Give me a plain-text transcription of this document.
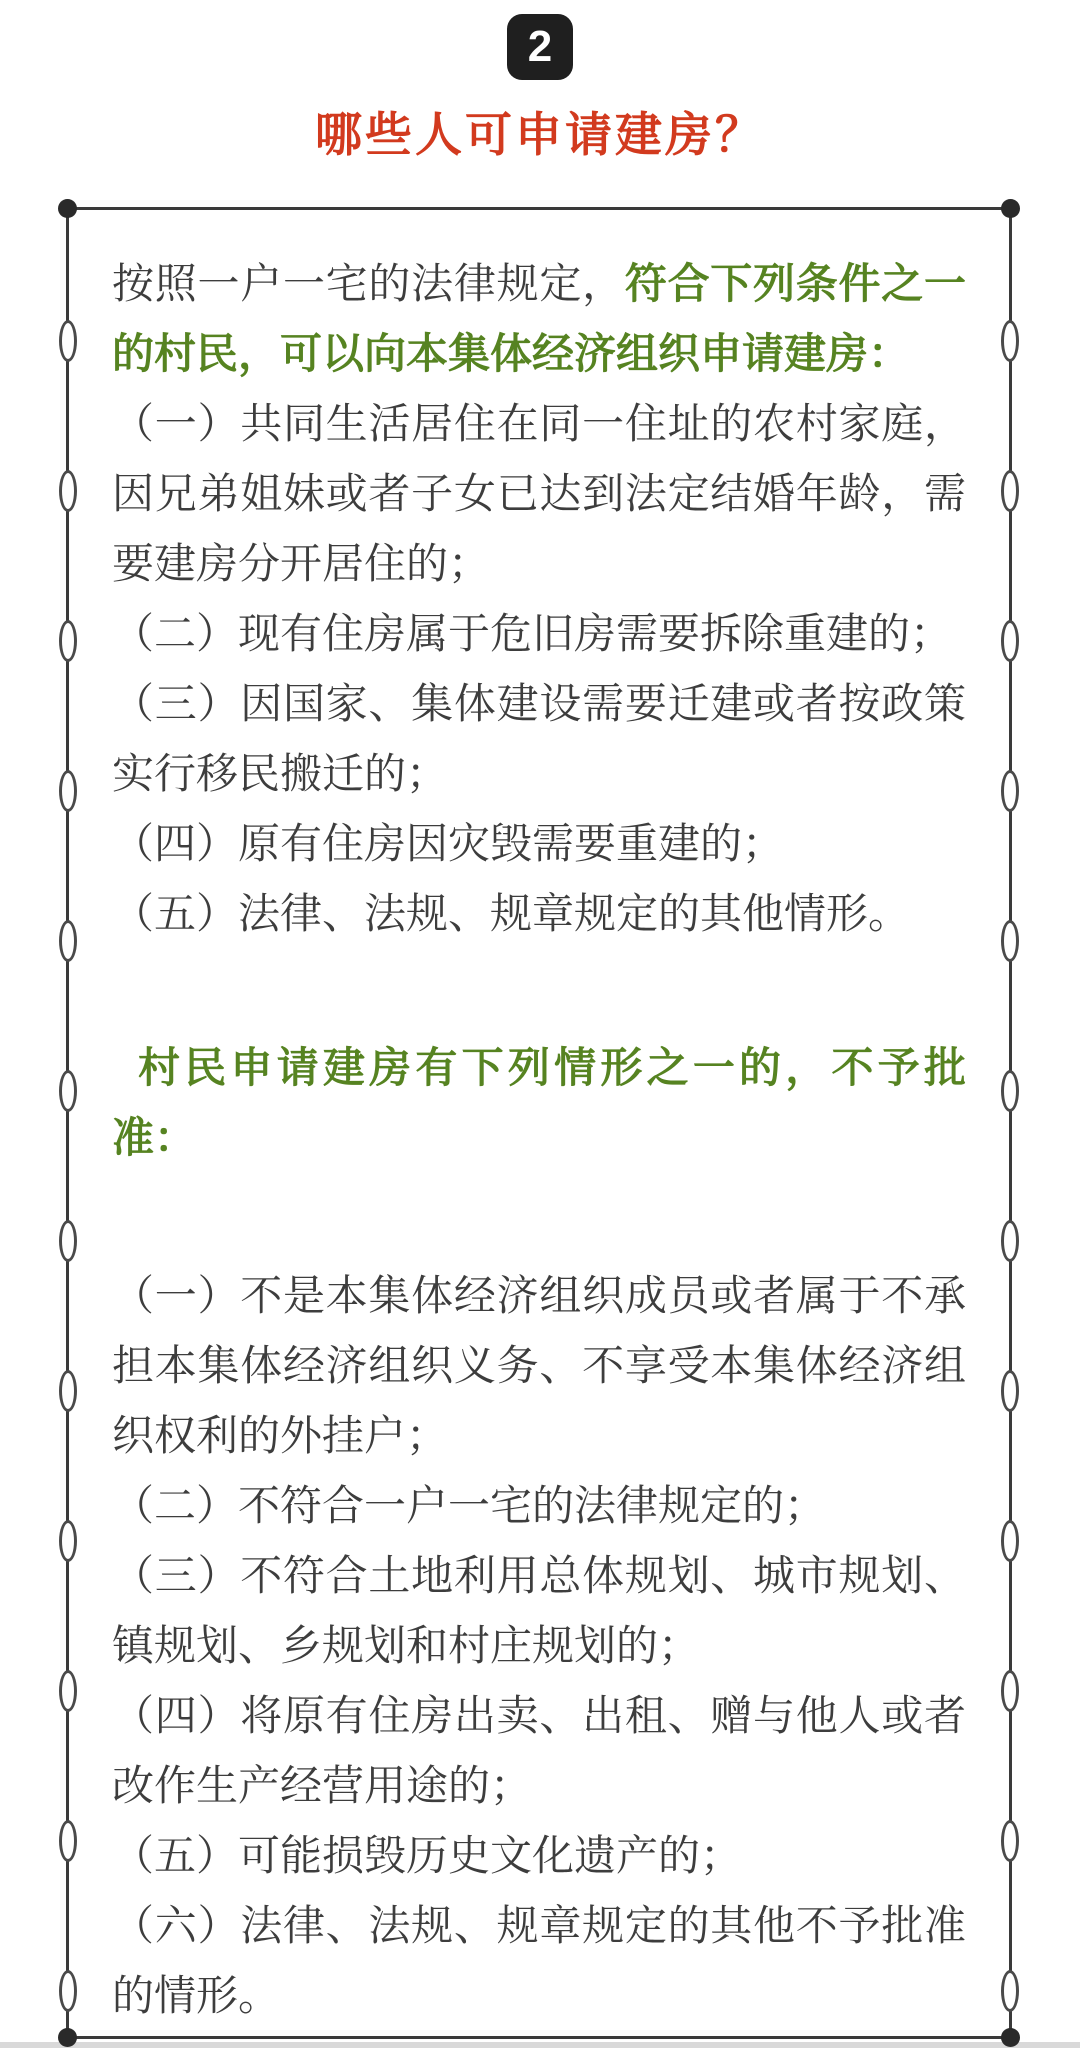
2
哪些人可申请建房？

按照一户一宅的法律规定，符合下列条件之一的村民，可以向本集体经济组织申请建房：

（一）共同生活居住在同一住址的农村家庭，因兄弟姐妹或者子女已达到法定结婚年龄，需要建房分开居住的；

（二）现有住房属于危旧房需要拆除重建的；

（三）因国家、集体建设需要迁建或者按政策实行移民搬迁的；

（四）原有住房因灾毁需要重建的；

（五）法律、法规、规章规定的其他情形。

村民申请建房有下列情形之一的，不予批准：

（一）不是本集体经济组织成员或者属于不承担本集体经济组织义务、不享受本集体经济组织权利的外挂户；

（二）不符合一户一宅的法律规定的；

（三）不符合土地利用总体规划、城市规划、镇规划、乡规划和村庄规划的；

（四）将原有住房出卖、出租、赠与他人或者改作生产经营用途的；

（五）可能损毁历史文化遗产的；

（六）法律、法规、规章规定的其他不予批准的情形。
